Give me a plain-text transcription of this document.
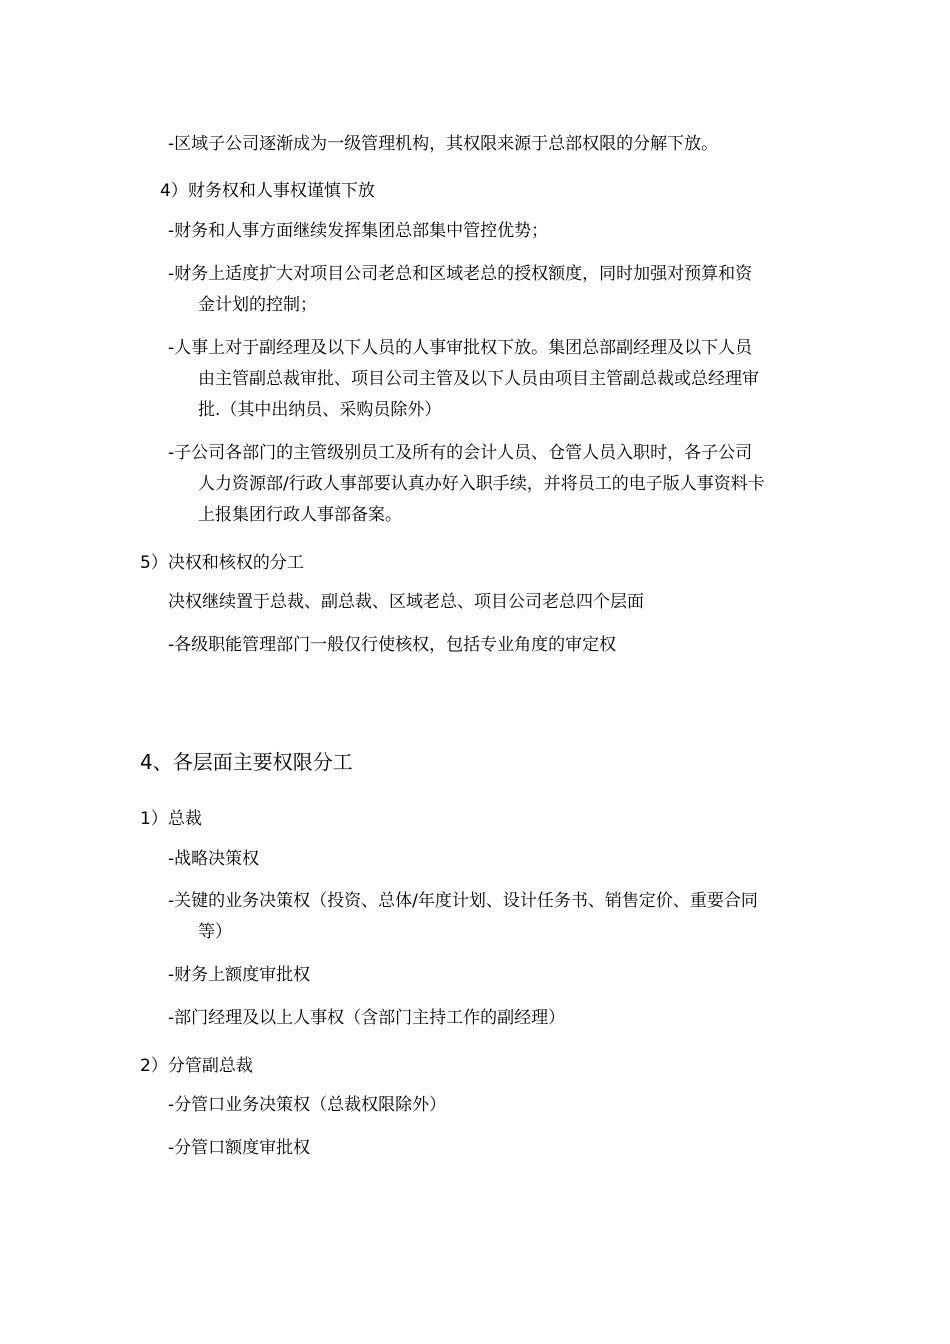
-区域子公司逐渐成为一级管理机构，其权限来源于总部权限的分解下放。

4）财务权和人事权谨慎下放

-财务和人事方面继续发挥集团总部集中管控优势；

-财务上适度扩大对项目公司老总和区域老总的授权额度，同时加强对预算和资
金计划的控制；
-人事上对于副经理及以下人员的人事审批权下放。集团总部副经理及以下人员
由主管副总裁审批、项目公司主管及以下人员由项目主管副总裁或总经理审
批.（其中出纳员、采购员除外）
-子公司各部门的主管级别员工及所有的会计人员、仓管人员入职时，各子公司
人力资源部/行政人事部要认真办好入职手续，并将员工的电子版人事资料卡
上报集团行政人事部备案。

5）决权和核权的分工

决权继续置于总裁、副总裁、区域老总、项目公司老总四个层面

-各级职能管理部门一般仅行使核权，包括专业角度的审定权

4、各层面主要权限分工

1）总裁

-战略决策权

-关键的业务决策权（投资、总体/年度计划、设计任务书、销售定价、重要合同
等）

-财务上额度审批权

-部门经理及以上人事权（含部门主持工作的副经理）

2）分管副总裁

-分管口业务决策权（总裁权限除外）

-分管口额度审批权
